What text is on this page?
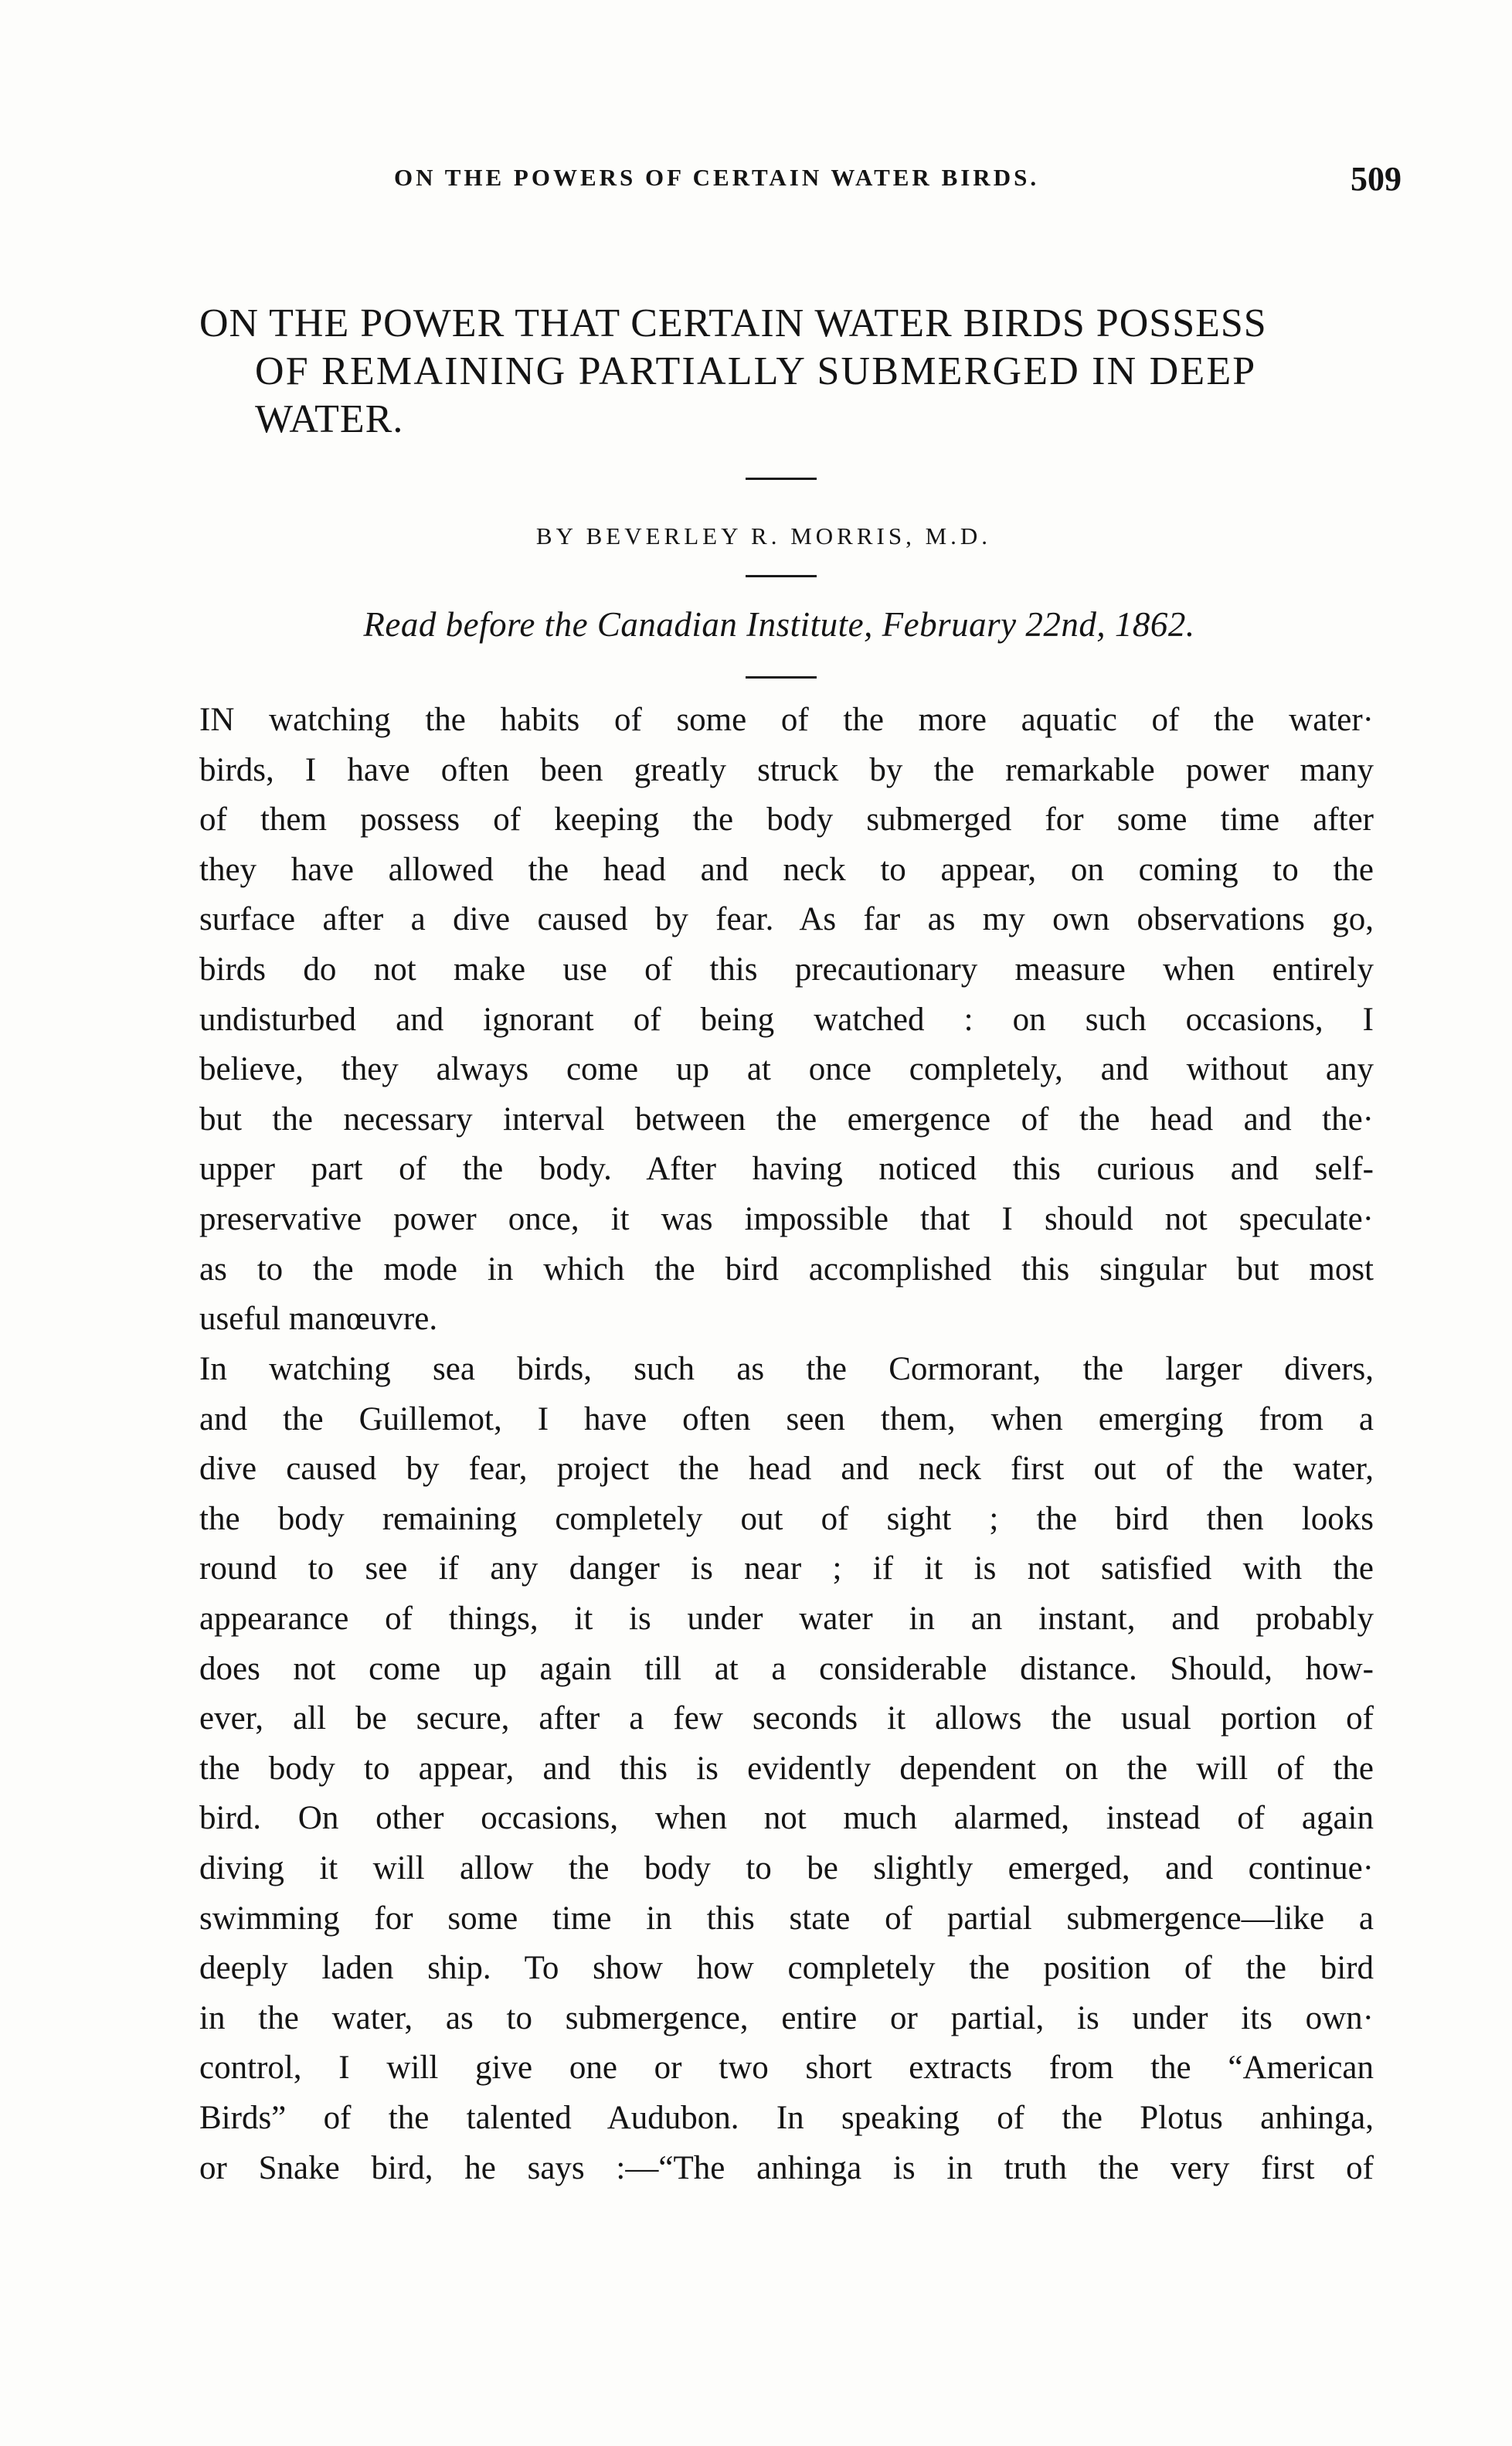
ON THE POWERS OF CERTAIN WATER BIRDS.	509
ON THE POWER THAT CERTAIN WATER BIRDS POSSESS
OF REMAINING PARTIALLY SUBMERGED IN DEEP
WATER.
BY BEVERLEY R. MORRIS, M.D.
Read before the Canadian Institute, February 22nd, 1862.
IN watching the habits of some of the more aquatic of the water·
birds, I have often been greatly struck by the remarkable power many
of them possess of keeping the body submerged for some time after
they have allowed the head and neck to appear, on coming to the
surface after a dive caused by fear. As far as my own observations go,
birds do not make use of this precautionary measure when entirely
undisturbed and ignorant of being watched : on such occasions, I
believe, they always come up at once completely, and without any
but the necessary interval between the emergence of the head and the·
upper part of the body. After having noticed this curious and self-
preservative power once, it was impossible that I should not speculate·
as to the mode in which the bird accomplished this singular but most
useful manœuvre.
In watching sea birds, such as the Cormorant, the larger divers,
and the Guillemot, I have often seen them, when emerging from a
dive caused by fear, project the head and neck first out of the water,
the body remaining completely out of sight ; the bird then looks
round to see if any danger is near ; if it is not satisfied with the
appearance of things, it is under water in an instant, and probably
does not come up again till at a considerable distance. Should, how-
ever, all be secure, after a few seconds it allows the usual portion of
the body to appear, and this is evidently dependent on the will of the
bird. On other occasions, when not much alarmed, instead of again
diving it will allow the body to be slightly emerged, and continue·
swimming for some time in this state of partial submergence—like a
deeply laden ship. To show how completely the position of the bird
in the water, as to submergence, entire or partial, is under its own·
control, I will give one or two short extracts from the “American
Birds” of the talented Audubon. In speaking of the Plotus anhinga,
or Snake bird, he says :—“The anhinga is in truth the very first of
